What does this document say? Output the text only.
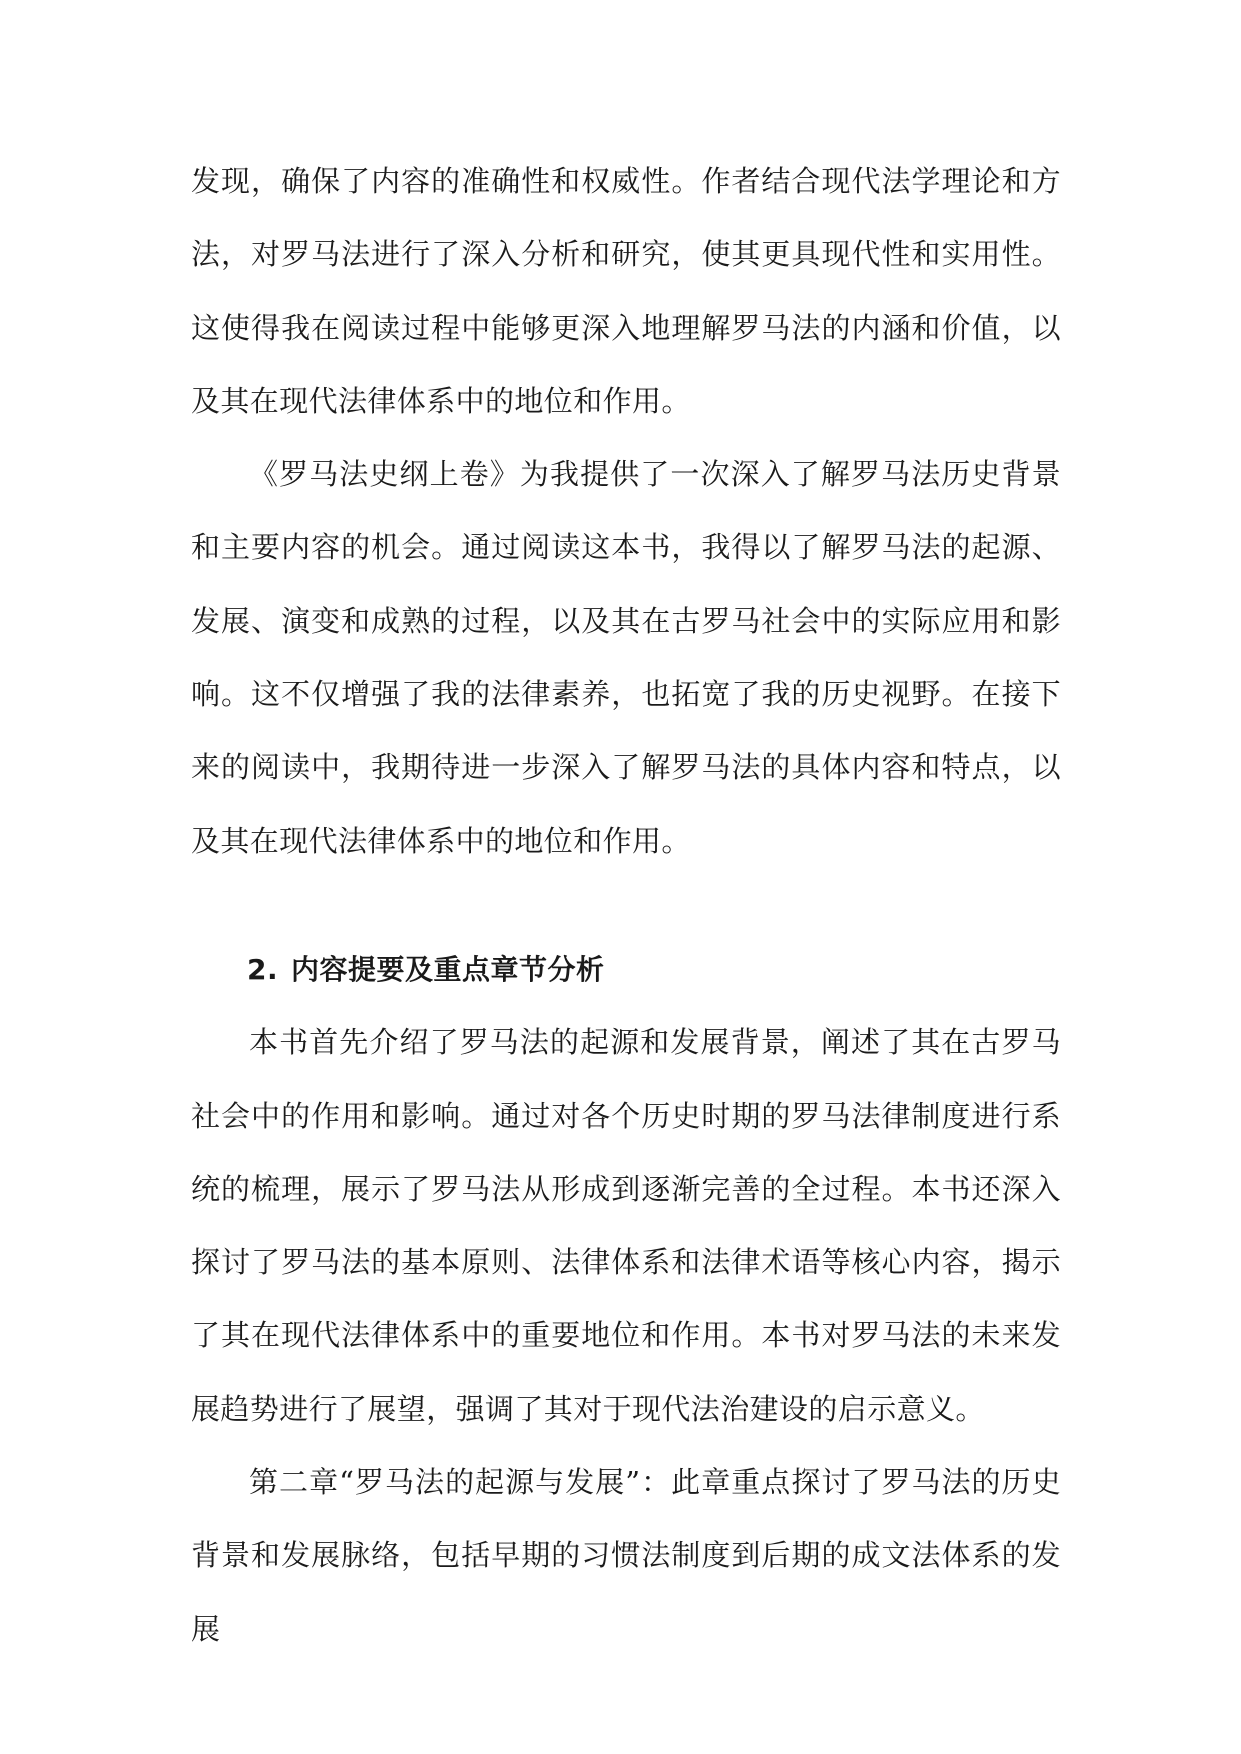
发现，确保了内容的准确性和权威性。作者结合现代法学理论和方法，对罗马法进行了深入分析和研究，使其更具现代性和实用性。这使得我在阅读过程中能够更深入地理解罗马法的内涵和价值，以及其在现代法律体系中的地位和作用。

《罗马法史纲上卷》为我提供了一次深入了解罗马法历史背景和主要内容的机会。通过阅读这本书，我得以了解罗马法的起源、发展、演变和成熟的过程，以及其在古罗马社会中的实际应用和影响。这不仅增强了我的法律素养，也拓宽了我的历史视野。在接下来的阅读中，我期待进一步深入了解罗马法的具体内容和特点，以及其在现代法律体系中的地位和作用。

2. 内容提要及重点章节分析

本书首先介绍了罗马法的起源和发展背景，阐述了其在古罗马社会中的作用和影响。通过对各个历史时期的罗马法律制度进行系统的梳理，展示了罗马法从形成到逐渐完善的全过程。本书还深入探讨了罗马法的基本原则、法律体系和法律术语等核心内容，揭示了其在现代法律体系中的重要地位和作用。本书对罗马法的未来发展趋势进行了展望，强调了其对于现代法治建设的启示意义。

第二章“罗马法的起源与发展”：此章重点探讨了罗马法的历史背景和发展脉络，包括早期的习惯法制度到后期的成文法体系的发展
